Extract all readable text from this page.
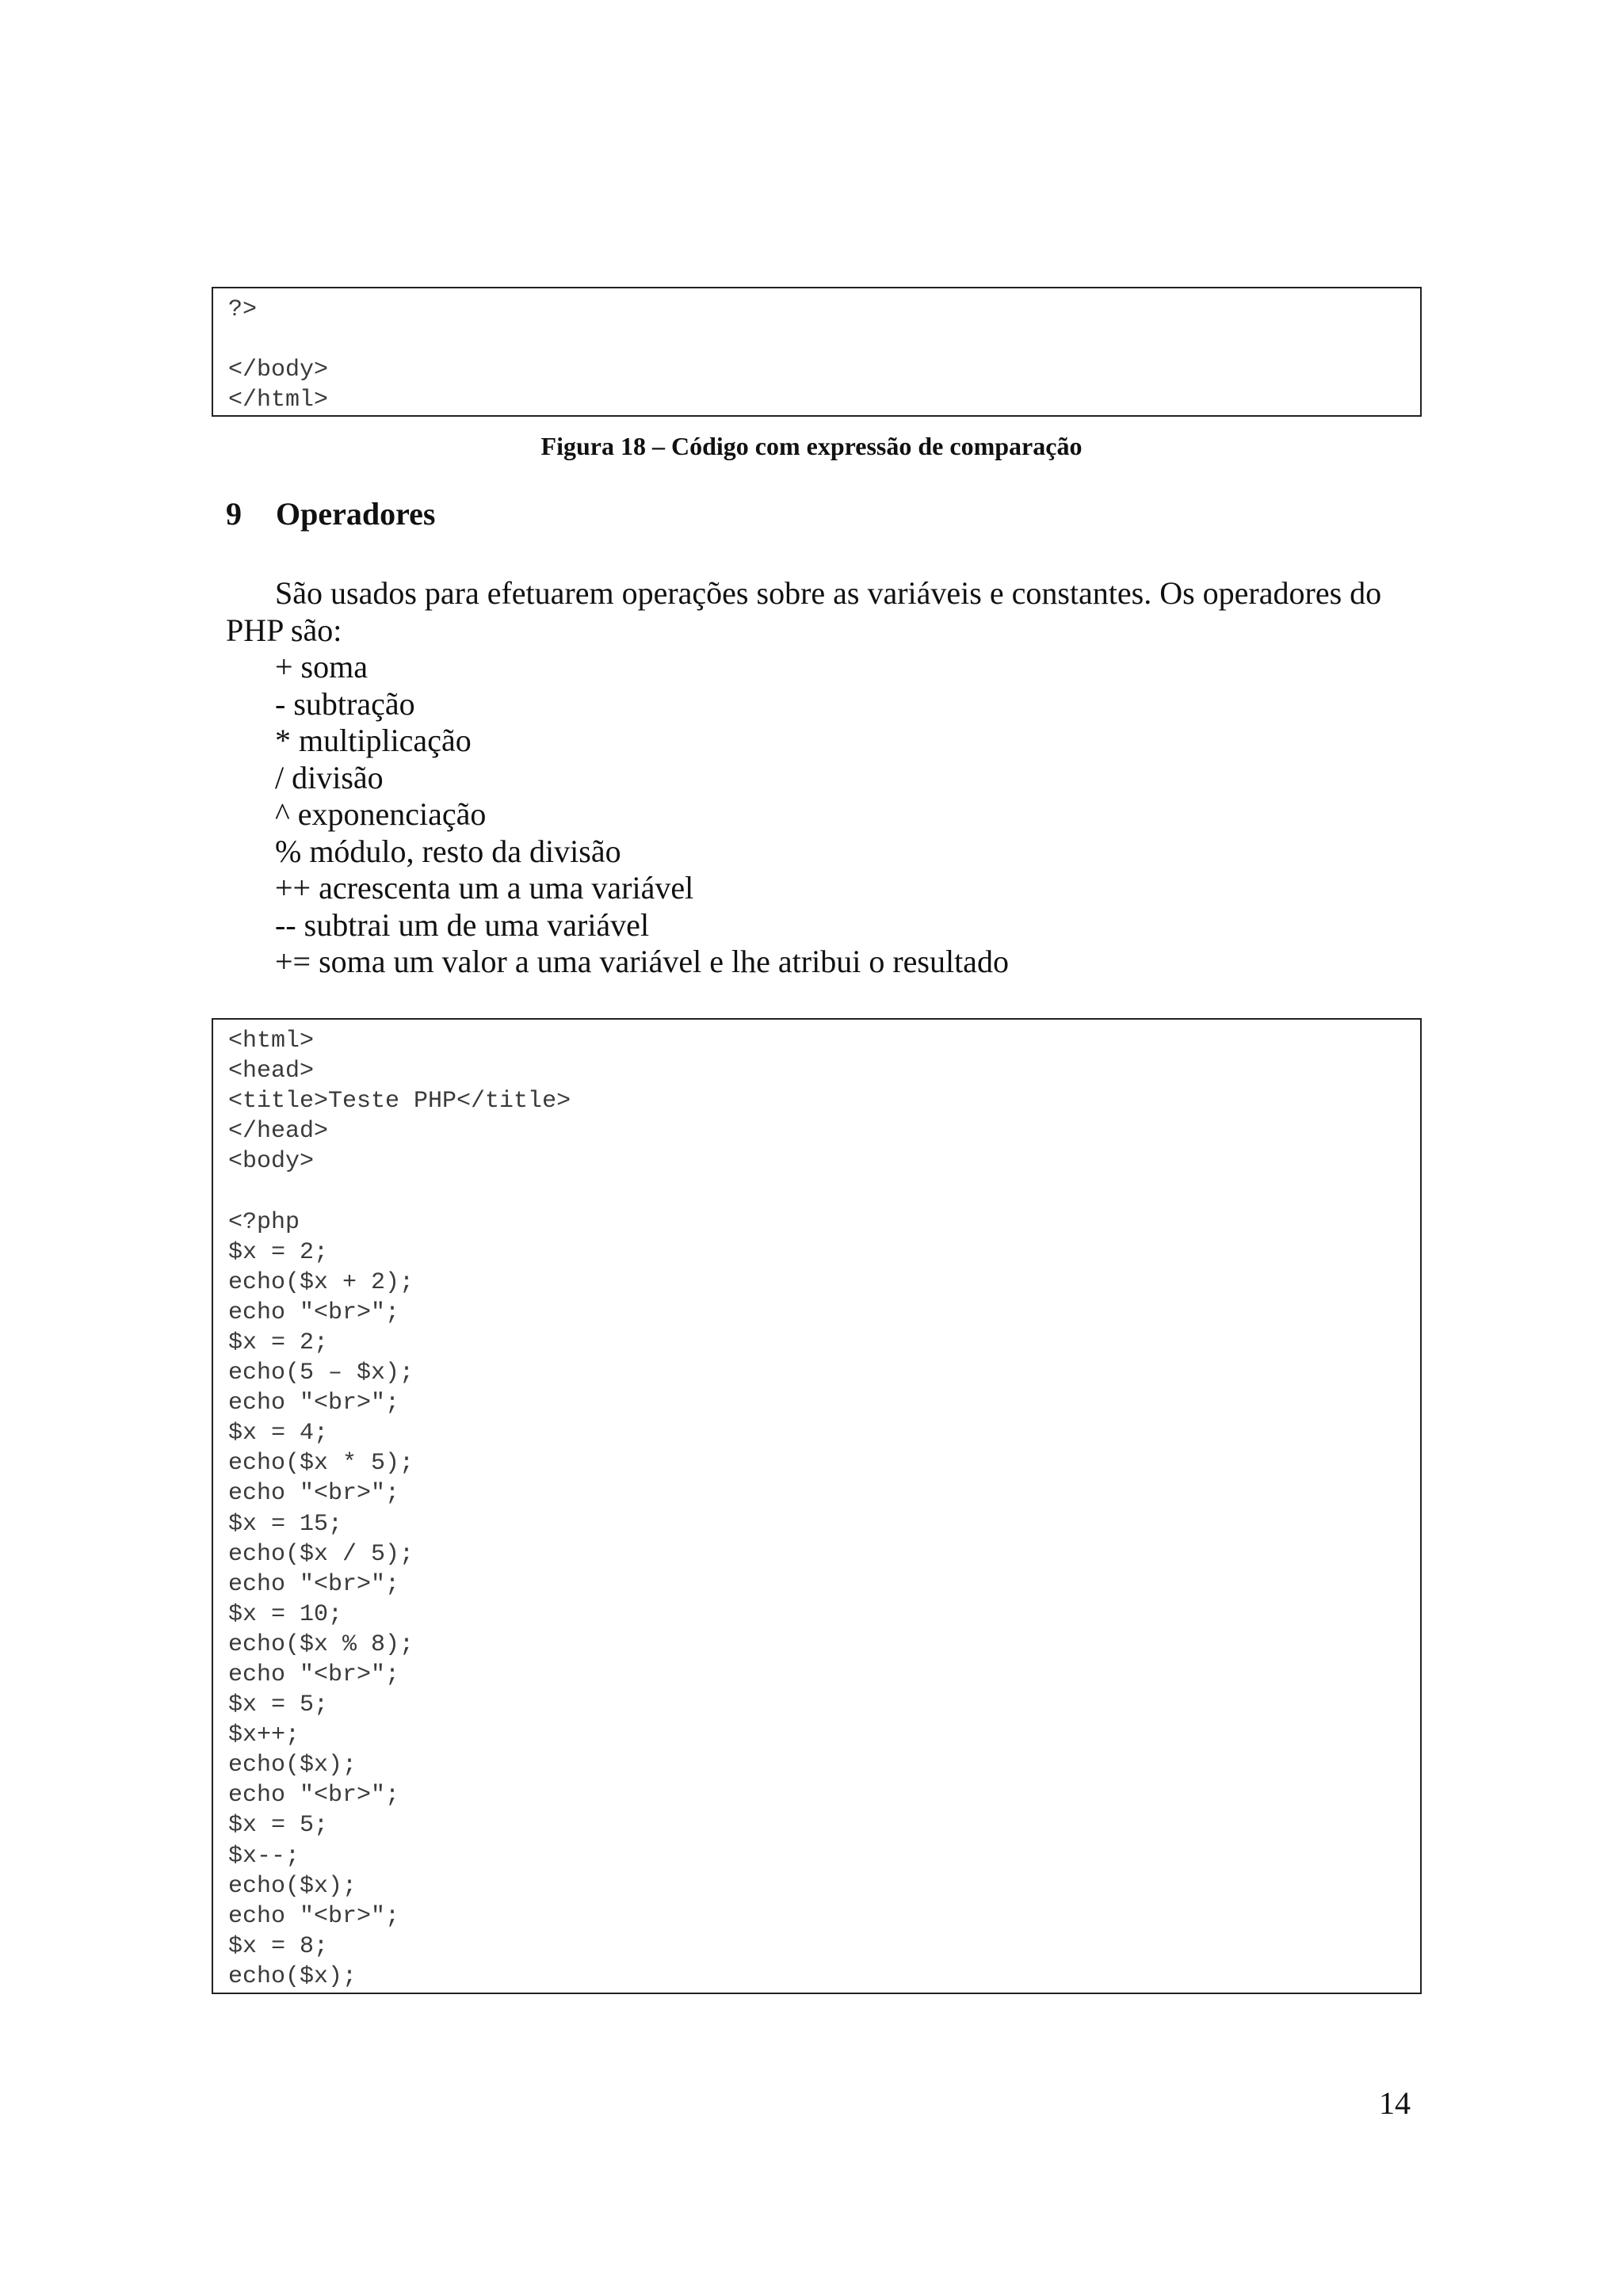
?>
</body>
</html>
Figura 18 – Código com expressão de comparação
9 Operadores
São usados para efetuarem operações sobre as variáveis e constantes. Os operadores do
PHP são:
+ soma
- subtração
* multiplicação
/ divisão
^ exponenciação
% módulo, resto da divisão
++ acrescenta um a uma variável
-- subtrai um de uma variável
+= soma um valor a uma variável e lhe atribui o resultado
<html>
<head>
<title>Teste PHP</title>
</head>
<body>
<?php
$x = 2;
echo($x + 2);
echo "<br>";
$x = 2;
echo(5 – $x);
echo "<br>";
$x = 4;
echo($x * 5);
echo "<br>";
$x = 15;
echo($x / 5);
echo "<br>";
$x = 10;
echo($x % 8);
echo "<br>";
$x = 5;
$x++;
echo($x);
echo "<br>";
$x = 5;
$x--;
echo($x);
echo "<br>";
$x = 8;
echo($x);
14
